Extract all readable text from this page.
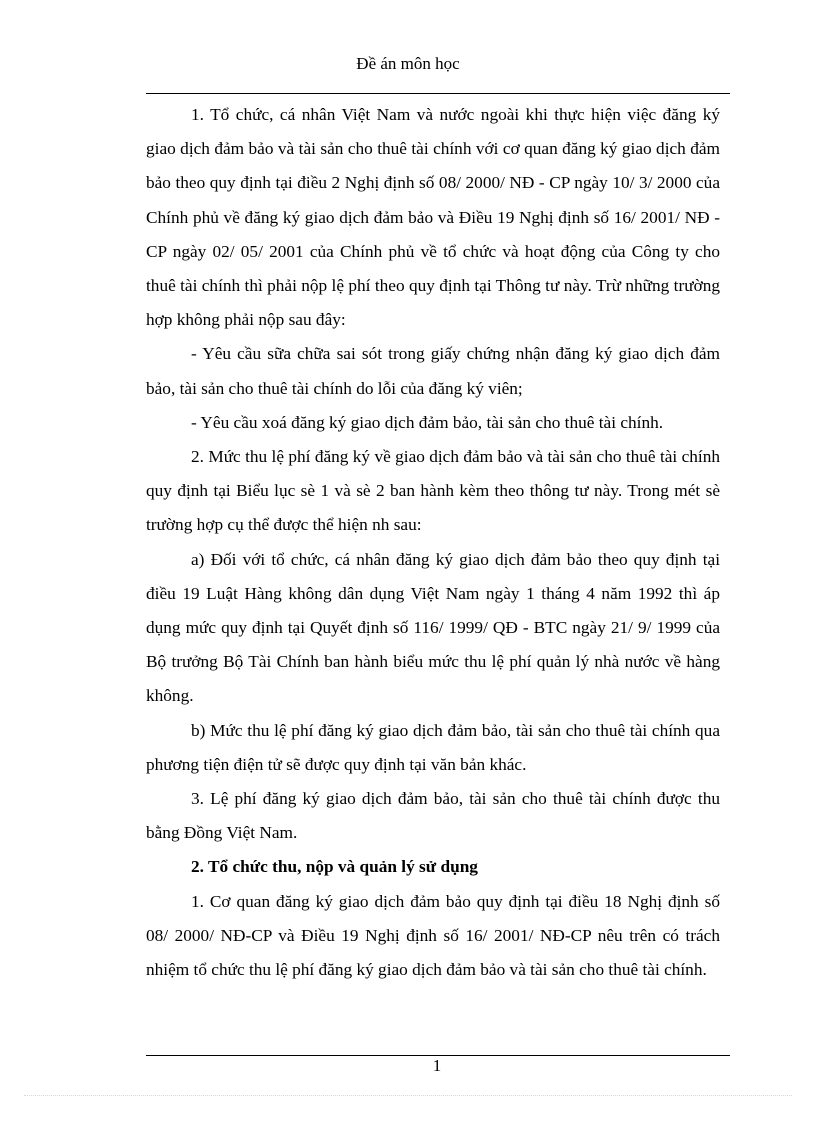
Đề án môn học

1. Tổ chức, cá nhân Việt Nam và nước ngoài khi thực hiện việc đăng ký giao dịch đảm bảo và tài sản cho thuê tài chính với cơ quan đăng ký giao dịch đảm bảo theo quy định tại điều 2 Nghị định số 08/ 2000/ NĐ - CP ngày 10/ 3/ 2000 của Chính phủ về đăng ký giao dịch đảm bảo và Điều 19 Nghị định số 16/ 2001/ NĐ - CP ngày 02/ 05/ 2001 của Chính phủ về tổ chức và hoạt động của Công ty cho thuê tài chính thì phải nộp lệ phí theo quy định tại Thông tư này. Trừ những trường hợp không phải nộp sau đây:

- Yêu cầu sữa chữa sai sót trong giấy chứng nhận đăng ký giao dịch đảm bảo, tài sản cho thuê tài chính do lỗi của đăng ký viên;

- Yêu cầu xoá đăng ký giao dịch đảm bảo, tài sản cho thuê tài chính.

2. Mức thu lệ phí đăng ký về giao dịch đảm bảo và tài sản cho thuê tài chính quy định tại Biểu lục sè 1 và sè 2 ban hành kèm theo thông tư này. Trong mét sè trường hợp cụ thể được thể hiện nh sau:

a) Đối với tổ chức, cá nhân đăng ký giao dịch đảm bảo theo quy định tại điều 19 Luật Hàng không dân dụng Việt Nam ngày 1 tháng 4 năm 1992 thì áp dụng mức quy định tại Quyết định số 116/ 1999/ QĐ - BTC ngày 21/ 9/ 1999 của Bộ trưởng Bộ Tài Chính ban hành biểu mức thu lệ phí quản lý nhà nước về hàng không.

b) Mức thu lệ phí đăng ký giao dịch đảm bảo, tài sản cho thuê tài chính qua phương tiện điện tử sẽ được quy định tại văn bản khác.

3. Lệ phí đăng ký giao dịch đảm bảo, tài sản cho thuê tài chính được thu bằng Đồng Việt Nam.

2. Tổ chức thu, nộp và quản lý sử dụng

1. Cơ quan đăng ký giao dịch đảm bảo quy định tại điều 18 Nghị định số 08/ 2000/ NĐ-CP và Điều 19 Nghị định số 16/ 2001/ NĐ-CP nêu trên có trách nhiệm tổ chức thu lệ phí đăng ký giao dịch đảm bảo và tài sản cho thuê tài chính.

1
